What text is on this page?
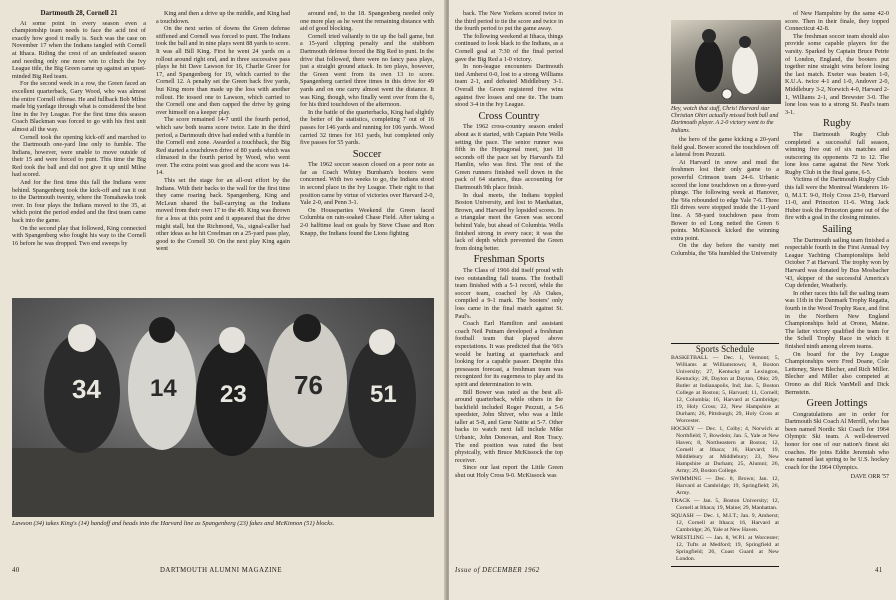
Dartmouth 28, Cornell 21

At some point in every season even a championship team needs to face the acid test of exactly how good it really is. Such was the case on November 17 when the Indians tangled with Cornell at Ithaca. Riding the crest of an undefeated season and needing only one more win to clinch the Ivy League title, the Big Green came up against an upset-minded Big Red team.

For the second week in a row, the Green faced an excellent quarterback, Gary Wood, who was almost the entire Cornell offense. He and fullback Bob Milne made big yardage through what is considered the best line in the Ivy League. For the first time this season Coach Blackman was forced to go with his first unit almost all the way.

Cornell took the opening kick-off and marched to the Dartmouth one-yard line only to fumble. The Indians, however, were unable to move outside of their 15 and were forced to punt. This time the Big Red took the ball and did not give it up until Milne had scored.

And for the first time this fall the Indians were behind. Spangenberg took the kick-off and ran it out to the Dartmouth twenty, where the Tomahawks took over. In four plays the Indians moved to the 35, at which point the period ended and the first team came back into the game.

On the second play that followed, King connected with Spangenberg who fought his way to the Cornell 16 before he was dropped. Two end sweeps by

King and then a drive up the middle, and King had a touchdown.

On the next series of downs the Green defense stiffened and Cornell was forced to punt. The Indians took the ball and in nine plays went 88 yards to score. It was all Bill King. First he went 24 yards on a rollout around right end, and in three successive pass plays he hit Dave Lawson for 16, Charlie Greer for 17, and Spangenberg for 19, which carried to the Cornell 12. A penalty set the Green back five yards, but King more than made up the loss with another rollout. He tossed one to Lawson, which carried to the Cornell one and then capped the drive by going over himself on a keeper play.

The score remained 14-7 until the fourth period, which saw both teams score twice. Late in the third period, a Dartmouth drive had ended with a fumble in the Cornell end zone. Awarded a touchback, the Big Red started a touchdown drive of 80 yards which was climaxed in the fourth period by Wood, who went over. The extra point was good and the score was 14-14.

This set the stage for an all-out effort by the Indians. With their backs to the wall for the first time they came roaring back. Spangenberg, King and McLean shared the ball-carrying as the Indians moved from their own 17 to the 49. King was thrown for a loss at this point and it appeared that the drive might stall, but the Richmond, Va., signal-caller had other ideas as he hit Creelman on a 25-yard pass play, good to the Cornell 30. On the next play King again went

around end, to the 18. Spangenberg needed only one more play as he went the remaining distance with aid of good blocking.

Cornell tried valiantly to tie up the ball game, but a 15-yard clipping penalty and the stubborn Dartmouth defense forced the Big Red to punt. In the drive that followed, there were no fancy pass plays, just a straight ground attack. In ten plays, however, the Green went from its own 13 to score. Spangenberg carried three times in this drive for 49 yards and on one carry almost went the distance. It was King, though, who finally went over from the 6, for his third touchdown of the afternoon.

In the battle of the quarterbacks, King had slightly the better of the statistics, completing 7 out of 16 passes for 146 yards and running for 106 yards. Wood carried 32 times for 161 yards, but completed only five passes for 55 yards.

Soccer

The 1962 soccer season closed on a poor note as far as Coach Whitey Burnham's booters were concerned. With two weeks to go, the Indians stood in second place in the Ivy League. Their right to that position came by virtue of victories over Harvard 2-0, Yale 2-0, and Penn 3-1.

On Houseparties Weekend the Green faced Columbia on rain-soaked Chase Field. After taking a 2-0 halftime lead on goals by Steve Chase and Ron Knapp, the Indians found the Lions fighting

34 14 23 76 51
Lawson (34) takes King's (14) handoff and heads into the Harvard line as Spangenberg (23) fakes and McKinnon (51) blocks.
40	DARTMOUTH ALUMNI MAGAZINE

back. The New Yorkers scored twice in the third period to tie the score and twice in the fourth period to put the game away.

The following weekend at Ithaca, things continued to look black to the Indians, as a Cornell goal at 7:30 of the final period gave the Big Red a 1-0 victory.

In non-league encounters Dartmouth tied Amherst 0-0, lost to a strong Williams team 2-1, and defeated Middlebury 3-1. Overall the Green registered five wins against five losses and one tie. The team stood 3-4 in the Ivy League.

Cross Country

The 1962 cross-country season ended about as it started, with Captain Pete Wells setting the pace. The senior runner was fifth in the Heptagonal meet, just 18 seconds off the pace set by Harvard's Ed Hamlin, who was first. The rest of the Green runners finished well down in the pack of 64 starters, thus accounting for Dartmouth 9th place finish.

In dual meets, the Indians toppled Boston University, and lost to Manhattan, Brown, and Harvard by lopsided scores. In a triangular meet the Green was second behind Yale, but ahead of Columbia. Wells finished strong in every race; it was the lack of depth which prevented the Green from doing better.

Freshman Sports

The Class of 1966 did itself proud with two outstanding fall teams. The football team finished with a 5-1 record, while the soccer team, coached by Ab Oakes, compiled a 9-1 mark. The booters' only loss came in the final match against St. Paul's.

Coach Earl Hamilton and assistant coach Neil Putnam developed a freshman football team that played above expectations. It was predicted that the '66's would be hurting at quarterback and looking for a capable passer. Despite this preseason forecast, a freshman team was recognized for its eagerness to play and its spirit and determination to win.

Bill Bower was rated as the best all-around quarterback, while others in the backfield included Roger Pezzuti, a 5-6 speedster, John Shiver, who was a little taller at 5-8, and Gene Nattie at 5-7. Other backs to watch next fall include Mike Urbanic, John Donovan, and Ron Tracy. The end position was rated the best physically, with Bruce McKissock the top receiver.

Since our last report the Little Green shut out Holy Cross 9-0. McKissock was

Hey, watch that stuff, Chris! Harvard star Christian Ohiri actually missed both ball and Dartmouth player. A 2-0 victory went to the Indians.

the hero of the game kicking a 20-yard field goal. Bower scored the touchdown off a lateral from Pezzuti.

At Harvard in snow and mud the freshmen lost their only game to a powerful Crimson team 24-6. Urbanic scored the lone touchdown on a three-yard plunge. The following week at Hanover, the '66s rebounded to edge Yale 7-6. Three Eli drives were stopped inside the 11-yard line. A 58-yard touchdown pass from Bower to ed Long netted the Green 6 points. McKissock kicked the winning extra point.

On the day before the varsity met Columbia, the '66s humbled the University

Sports Schedule

BASKETBALL — Dec. 1, Vermont; 5, Williams at Williamstown; 8, Boston University; 27, Kentucky at Lexington, Kentucky; 28, Dayton at Dayton, Ohio; 29, Butler at Indianapolis, Ind; Jan. 5, Boston College at Boston; 5, Harvard; 11, Cornell; 12, Columbia; 16, Harvard at Cambridge; 19, Holy Cross; 22, New Hampshire at Durham; 26, Pittsburgh; 29, Holy Cross at Worcester.

HOCKEY — Dec. 1, Colby; 4, Norwich at Northfield; 7, Bowdoin; Jan. 5, Yale at New Haven; 8, Northeastern at Boston; 12, Cornell at Ithaca; 16, Harvard; 19, Middlebury at Middlebury; 23, New Hampshire at Durham; 25, Alumni; 26, Army; 29, Boston College.

SWIMMING — Dec. 8, Brown; Jan. 12, Harvard at Cambridge; 19, Springfield; 26, Army.

TRACK — Jan. 5, Boston University; 12, Cornell at Ithaca; 19, Maine; 29, Manhattan.

SQUASH — Dec. 1, M.I.T.; Jan. 9, Amherst; 12, Cornell at Ithaca; 16, Harvard at Cambridge; 26, Yale at New Haven.

WRESTLING — Jan. 8, W.P.I. at Worcester; 12, Tufts at Medford; 19, Springfield at Springfield; 26, Coast Guard at New London.

of New Hampshire by the same 42-0 score. Then in their finale, they topped Connecticut 42-8.

The freshman soccer team should also provide some capable players for the varsity. Sparked by Captain Bruce Petrie of London, England, the booters put together nine straight wins before losing the last match. Exeter was beaten 1-0, K.U.A. twice 4-1 and 1-0, Andover 2-0, Middlebury 3-2, Norwich 4-0, Harvard 2-1, Williams 2-1, and Brewster 3-0. The lone loss was to a strong St. Paul's team 3-1.

Rugby

The Dartmouth Rugby Club completed a successful fall season, winning five out of six matches and outscoring its opponents 72 to 12. The lone loss came against the New York Rugby Club in the final game, 6-5.

Victims of the Dartmouth Rugby Club this fall were the Montreal Wanderers 16-0, M.I.T. 9-0, Holy Cross 23-0, Harvard 11-0, and Princeton 11-6. Wing Jack Huber took the Princeton game out of the fire with a goal in the closing minutes.

Sailing

The Dartmouth sailing team finished a respectable fourth in the First Annual Ivy League Yachting Championships held October 7 at Harvard. The trophy won by Harvard was donated by Bus Mosbacher '43, skipper of the successful America's Cup defender, Weatherly.

In other races this fall the sailing team was 11th in the Danmark Trophy Regatta, fourth in the Wood Trophy Race, and first in the Northern New England Championships held at Orono, Maine. The latter victory qualified the team for the Schell Trophy Race in which it finished ninth among eleven teams.

On board for the Ivy League Championships were Fred Doane, Cole Letteney, Steve Blecher, and Rich Miller. Blecher and Miller also competed at Orono as did Rick VanMell and Dick Bernstein.

Green Jottings

Congratulations are in order for Dartmouth Ski Coach Al Merrill, who has been named Nordic Ski Coach for 1964 Olympic Ski team. A well-deserved honor for one of our nation's finest ski coaches. He joins Eddie Jeremiah who was named last spring to be U.S. hockey coach for the 1964 Olympics.

DAVE ORR '57
Issue of DECEMBER 1962	41
